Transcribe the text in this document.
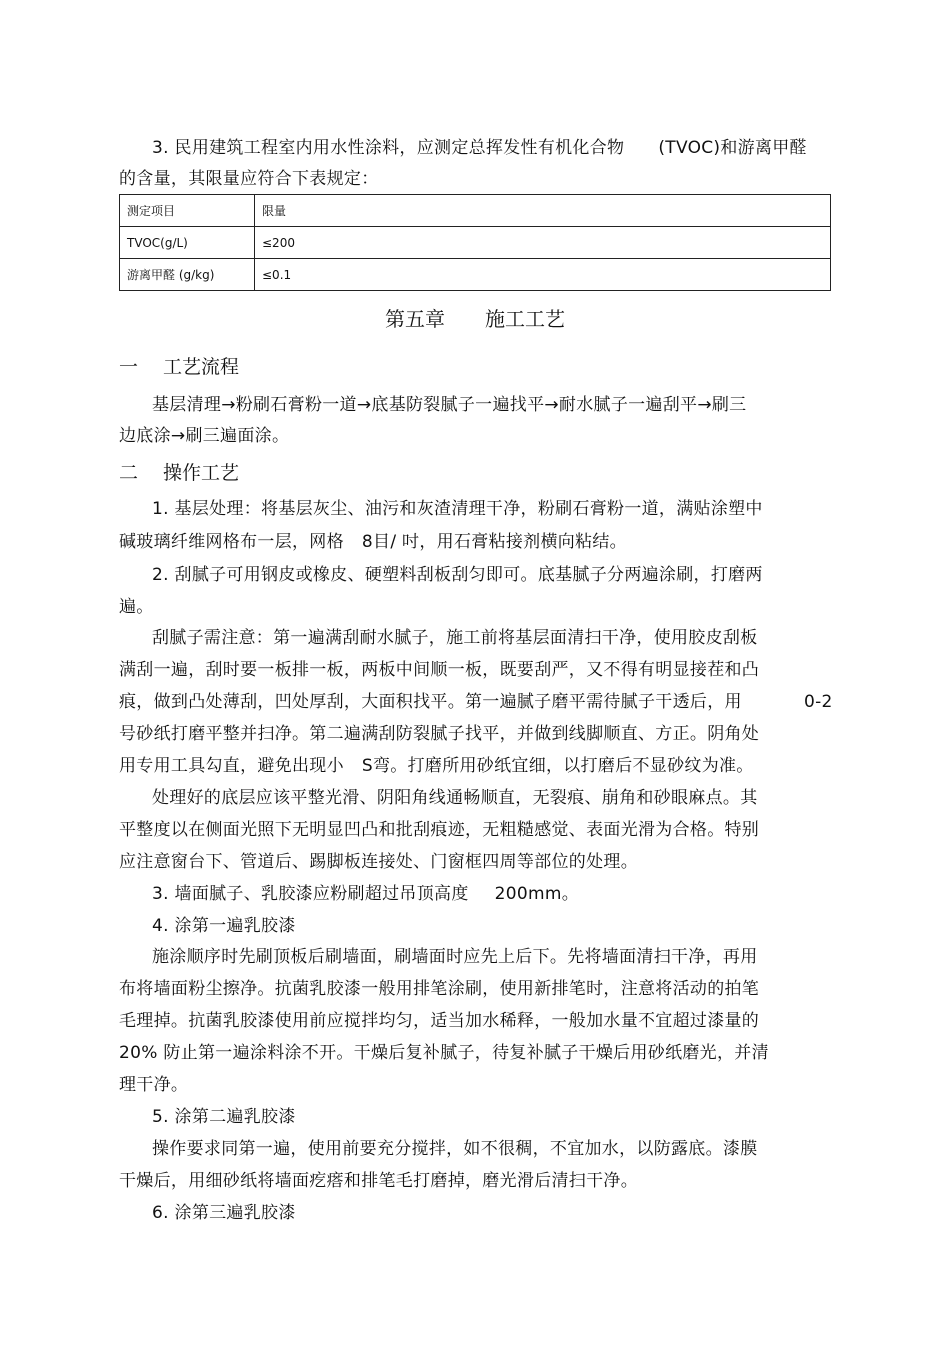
3. 民用建筑工程室内用水性涂料，应测定总挥发性有机化合物 (TVOC)和游离甲醛
的含量，其限量应符合下表规定：
测定项目	限量
TVOC(g/L)	≤200
游离甲醛 (g/kg)	≤0.1
第五章 施工工艺
一 工艺流程
基层清理→粉刷石膏粉一道→底基防裂腻子一遍找平→耐水腻子一遍刮平→刷三
边底涂→刷三遍面涂。
二 操作工艺
1. 基层处理：将基层灰尘、油污和灰渣清理干净，粉刷石膏粉一道，满贴涂塑中
碱玻璃纤维网格布一层，网格 8目/ 吋，用石膏粘接剂横向粘结。
2. 刮腻子可用钢皮或橡皮、硬塑料刮板刮匀即可。底基腻子分两遍涂刷，打磨两
遍。
刮腻子需注意：第一遍满刮耐水腻子，施工前将基层面清扫干净，使用胶皮刮板
满刮一遍，刮时要一板排一板，两板中间顺一板，既要刮严，又不得有明显接茬和凸
痕，做到凸处薄刮，凹处厚刮，大面积找平。第一遍腻子磨平需待腻子干透后，用	0-2
号砂纸打磨平整并扫净。第二遍满刮防裂腻子找平，并做到线脚顺直、方正。阴角处
用专用工具勾直，避免出现小 S弯。打磨所用砂纸宜细，以打磨后不显砂纹为准。
处理好的底层应该平整光滑、阴阳角线通畅顺直，无裂痕、崩角和砂眼麻点。其
平整度以在侧面光照下无明显凹凸和批刮痕迹，无粗糙感觉、表面光滑为合格。特别
应注意窗台下、管道后、踢脚板连接处、门窗框四周等部位的处理。
3. 墙面腻子、乳胶漆应粉刷超过吊顶高度 200mm。
4. 涂第一遍乳胶漆
施涂顺序时先刷顶板后刷墙面，刷墙面时应先上后下。先将墙面清扫干净，再用
布将墙面粉尘擦净。抗菌乳胶漆一般用排笔涂刷，使用新排笔时，注意将活动的拍笔
毛理掉。抗菌乳胶漆使用前应搅拌均匀，适当加水稀释，一般加水量不宜超过漆量的
20% 防止第一遍涂料涂不开。干燥后复补腻子，待复补腻子干燥后用砂纸磨光，并清
理干净。
5. 涂第二遍乳胶漆
操作要求同第一遍，使用前要充分搅拌，如不很稠，不宜加水，以防露底。漆膜
干燥后，用细砂纸将墙面疙瘩和排笔毛打磨掉，磨光滑后清扫干净。
6. 涂第三遍乳胶漆
